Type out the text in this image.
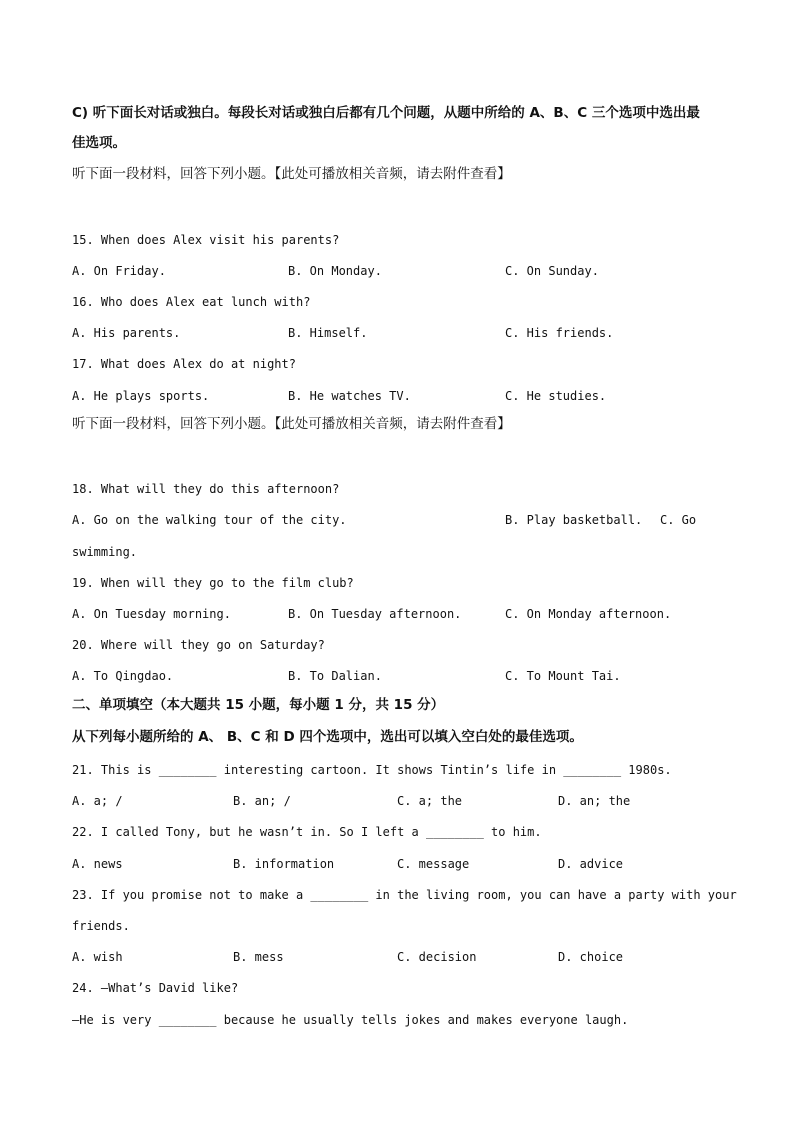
C) 听下面长对话或独白。每段长对话或独白后都有几个问题，从题中所给的 A、B、C 三个选项中选出最
佳选项。
听下面一段材料，回答下列小题。【此处可播放相关音频，请去附件查看】
15. When does Alex visit his parents?
A. On Friday.	B. On Monday.	C. On Sunday.
16. Who does Alex eat lunch with?
A. His parents.	B. Himself.	C. His friends.
17. What does Alex do at night?
A. He plays sports.	B. He watches TV.	C. He studies.
听下面一段材料，回答下列小题。【此处可播放相关音频，请去附件查看】
18. What will they do this afternoon?
A. Go on the walking tour of the city.	B. Play basketball. C. Go
swimming.
19. When will they go to the film club?
A. On Tuesday morning.	B. On Tuesday afternoon.	C. On Monday afternoon.
20. Where will they go on Saturday?
A. To Qingdao.	B. To Dalian.	C. To Mount Tai.
二、单项填空（本大题共 15 小题，每小题 1 分，共 15 分）
从下列每小题所给的 A、 B、C 和 D 四个选项中，选出可以填入空白处的最佳选项。
21. This is ________ interesting cartoon. It shows Tintin’s life in ________ 1980s.
A. a; /	B. an; /	C. a; the	D. an; the
22. I called Tony, but he wasn’t in. So I left a ________ to him.
A. news	B. information	C. message	D. advice
23. If you promise not to make a ________ in the living room, you can have a party with your
friends.
A. wish	B. mess	C. decision	D. choice
24. —What’s David like?
—He is very ________ because he usually tells jokes and makes everyone laugh.
